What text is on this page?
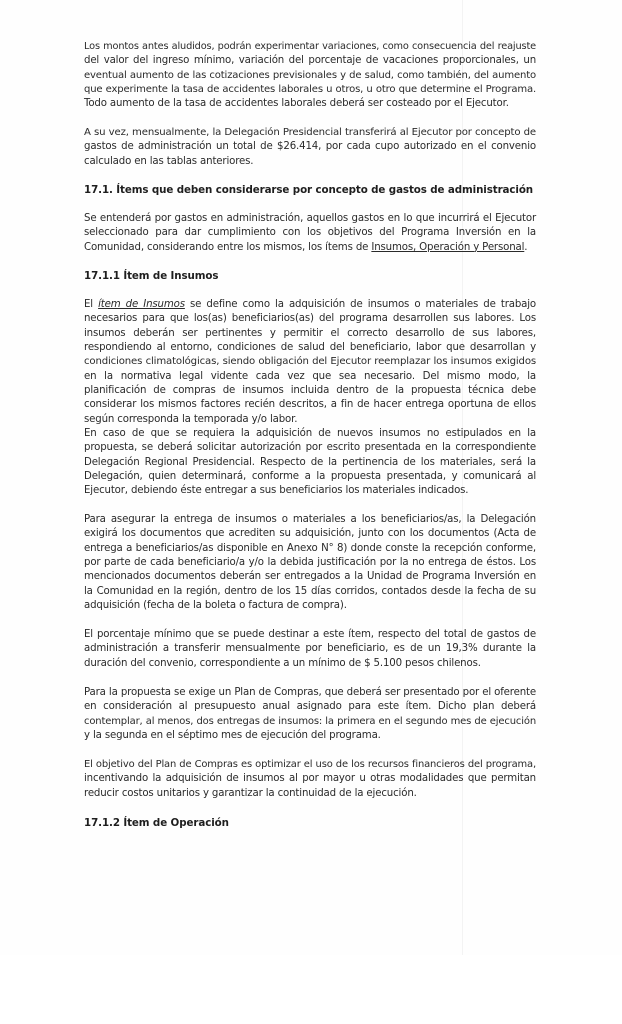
Los montos antes aludidos, podrán experimentar variaciones, como consecuencia del reajuste
del valor del ingreso mínimo, variación del porcentaje de vacaciones proporcionales, un
eventual aumento de las cotizaciones previsionales y de salud, como también, del aumento
que experimente la tasa de accidentes laborales u otros, u otro que determine el Programa.
Todo aumento de la tasa de accidentes laborales deberá ser costeado por el Ejecutor.
A su vez, mensualmente, la Delegación Presidencial transferirá al Ejecutor por concepto de
gastos de administración un total de $26.414, por cada cupo autorizado en el convenio
calculado en las tablas anteriores.
17.1. Ítems que deben considerarse por concepto de gastos de administración
Se entenderá por gastos en administración, aquellos gastos en lo que incurrirá el Ejecutor
seleccionado para dar cumplimiento con los objetivos del Programa Inversión en la
Comunidad, considerando entre los mismos, los ítems de Insumos, Operación y Personal.
17.1.1 Ítem de Insumos
El ítem de Insumos se define como la adquisición de insumos o materiales de trabajo
necesarios para que los(as) beneficiarios(as) del programa desarrollen sus labores. Los
insumos deberán ser pertinentes y permitir el correcto desarrollo de sus labores,
respondiendo al entorno, condiciones de salud del beneficiario, labor que desarrollan y
condiciones climatológicas, siendo obligación del Ejecutor reemplazar los insumos exigidos
en la normativa legal vidente cada vez que sea necesario. Del mismo modo, la
planificación de compras de insumos incluida dentro de la propuesta técnica debe
considerar los mismos factores recién descritos, a fin de hacer entrega oportuna de ellos
según corresponda la temporada y/o labor.
En caso de que se requiera la adquisición de nuevos insumos no estipulados en la
propuesta, se deberá solicitar autorización por escrito presentada en la correspondiente
Delegación Regional Presidencial. Respecto de la pertinencia de los materiales, será la
Delegación, quien determinará, conforme a la propuesta presentada, y comunicará al
Ejecutor, debiendo éste entregar a sus beneficiarios los materiales indicados.
Para asegurar la entrega de insumos o materiales a los beneficiarios/as, la Delegación
exigirá los documentos que acrediten su adquisición, junto con los documentos (Acta de
entrega a beneficiarios/as disponible en Anexo N° 8) donde conste la recepción conforme,
por parte de cada beneficiario/a y/o la debida justificación por la no entrega de éstos. Los
mencionados documentos deberán ser entregados a la Unidad de Programa Inversión en
la Comunidad en la región, dentro de los 15 días corridos, contados desde la fecha de su
adquisición (fecha de la boleta o factura de compra).
El porcentaje mínimo que se puede destinar a este ítem, respecto del total de gastos de
administración a transferir mensualmente por beneficiario, es de un 19,3% durante la
duración del convenio, correspondiente a un mínimo de $ 5.100 pesos chilenos.
Para la propuesta se exige un Plan de Compras, que deberá ser presentado por el oferente
en consideración al presupuesto anual asignado para este ítem. Dicho plan deberá
contemplar, al menos, dos entregas de insumos: la primera en el segundo mes de ejecución
y la segunda en el séptimo mes de ejecución del programa.
El objetivo del Plan de Compras es optimizar el uso de los recursos financieros del programa,
incentivando la adquisición de insumos al por mayor u otras modalidades que permitan
reducir costos unitarios y garantizar la continuidad de la ejecución.
17.1.2 Ítem de Operación
